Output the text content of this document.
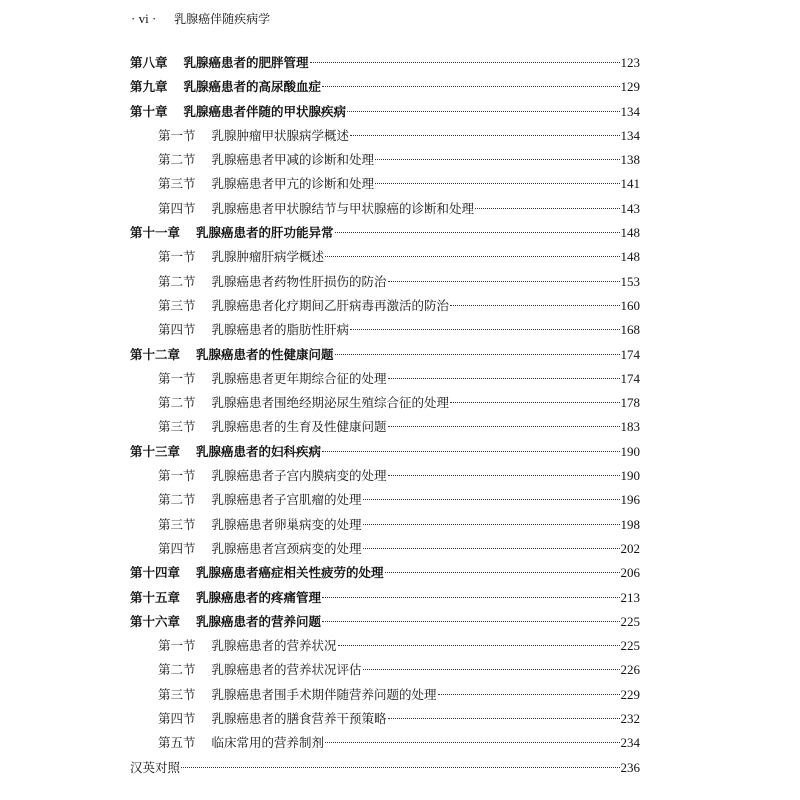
· vi · 乳腺癌伴随疾病学
第八章	乳腺癌患者的肥胖管理	123
第九章	乳腺癌患者的高尿酸血症	129
第十章	乳腺癌患者伴随的甲状腺疾病	134
第一节	乳腺肿瘤甲状腺病学概述	134
第二节	乳腺癌患者甲减的诊断和处理	138
第三节	乳腺癌患者甲亢的诊断和处理	141
第四节	乳腺癌患者甲状腺结节与甲状腺癌的诊断和处理	143
第十一章	乳腺癌患者的肝功能异常	148
第一节	乳腺肿瘤肝病学概述	148
第二节	乳腺癌患者药物性肝损伤的防治	153
第三节	乳腺癌患者化疗期间乙肝病毒再激活的防治	160
第四节	乳腺癌患者的脂肪性肝病	168
第十二章	乳腺癌患者的性健康问题	174
第一节	乳腺癌患者更年期综合征的处理	174
第二节	乳腺癌患者围绝经期泌尿生殖综合征的处理	178
第三节	乳腺癌患者的生育及性健康问题	183
第十三章	乳腺癌患者的妇科疾病	190
第一节	乳腺癌患者子宫内膜病变的处理	190
第二节	乳腺癌患者子宫肌瘤的处理	196
第三节	乳腺癌患者卵巢病变的处理	198
第四节	乳腺癌患者宫颈病变的处理	202
第十四章	乳腺癌患者癌症相关性疲劳的处理	206
第十五章	乳腺癌患者的疼痛管理	213
第十六章	乳腺癌患者的营养问题	225
第一节	乳腺癌患者的营养状况	225
第二节	乳腺癌患者的营养状况评估	226
第三节	乳腺癌患者围手术期伴随营养问题的处理	229
第四节	乳腺癌患者的膳食营养干预策略	232
第五节	临床常用的营养制剂	234
汉英对照	236
